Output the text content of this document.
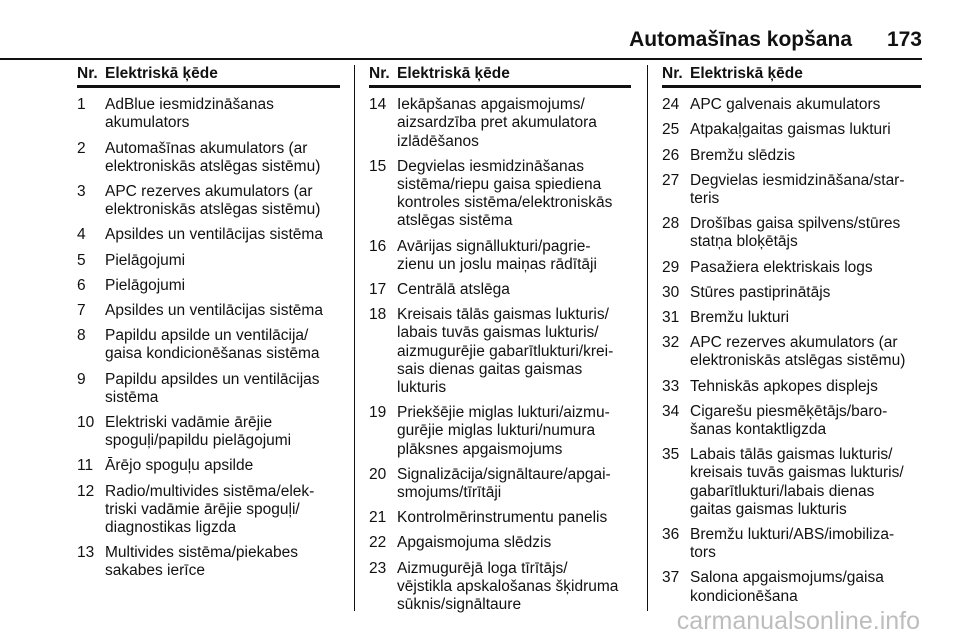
Automašīnas kopšana 173
Nr. Elektriskā ķēde
1	AdBlue iesmidzināšanas
akumulators
2	Automašīnas akumulators (ar
elektroniskās atslēgas sistēmu)
3	APC rezerves akumulators (ar
elektroniskās atslēgas sistēmu)
4	Apsildes un ventilācijas sistēma
5	Pielāgojumi
6	Pielāgojumi
7	Apsildes un ventilācijas sistēma
8	Papildu apsilde un ventilācija/
gaisa kondicionēšanas sistēma
9	Papildu apsildes un ventilācijas
sistēma
10 Elektriski vadāmie ārējie
spoguļi/papildu pielāgojumi
11 Ārējo spoguļu apsilde
12 Radio/multivides sistēma/elek-
triski vadāmie ārējie spoguļi/
diagnostikas ligzda
13 Multivides sistēma/piekabes
sakabes ierīce
Nr. Elektriskā ķēde
14 Iekāpšanas apgaismojums/
aizsardzība pret akumulatora
izlādēšanos
15 Degvielas iesmidzināšanas
sistēma/riepu gaisa spiediena
kontroles sistēma/elektroniskās
atslēgas sistēma
16 Avārijas signāllukturi/pagrie-
zienu un joslu maiņas rādītāji
17 Centrālā atslēga
18 Kreisais tālās gaismas lukturis/
labais tuvās gaismas lukturis/
aizmugurējie gabarītlukturi/krei-
sais dienas gaitas gaismas
lukturis
19 Priekšējie miglas lukturi/aizmu-
gurējie miglas lukturi/numura
plāksnes apgaismojums
20 Signalizācija/signāltaure/apgai-
smojums/tīrītāji
21 Kontrolmērinstrumentu panelis
22 Apgaismojuma slēdzis
23 Aizmugurējā loga tīrītājs/
vējstikla apskalošanas šķidruma
sūknis/signāltaure
Nr. Elektriskā ķēde
24 APC galvenais akumulators
25 Atpakaļgaitas gaismas lukturi
26 Bremžu slēdzis
27 Degvielas iesmidzināšana/star-
teris
28 Drošības gaisa spilvens/stūres
statņa bloķētājs
29 Pasažiera elektriskais logs
30 Stūres pastiprinātājs
31 Bremžu lukturi
32 APC rezerves akumulators (ar
elektroniskās atslēgas sistēmu)
33 Tehniskās apkopes displejs
34 Cigarešu piesmēķētājs/baro-
šanas kontaktligzda
35 Labais tālās gaismas lukturis/
kreisais tuvās gaismas lukturis/
gabarītlukturi/labais dienas
gaitas gaismas lukturis
36 Bremžu lukturi/ABS/imobiliza-
tors
37 Salona apgaismojums/gaisa
kondicionēšana
carmanualsonline.info
